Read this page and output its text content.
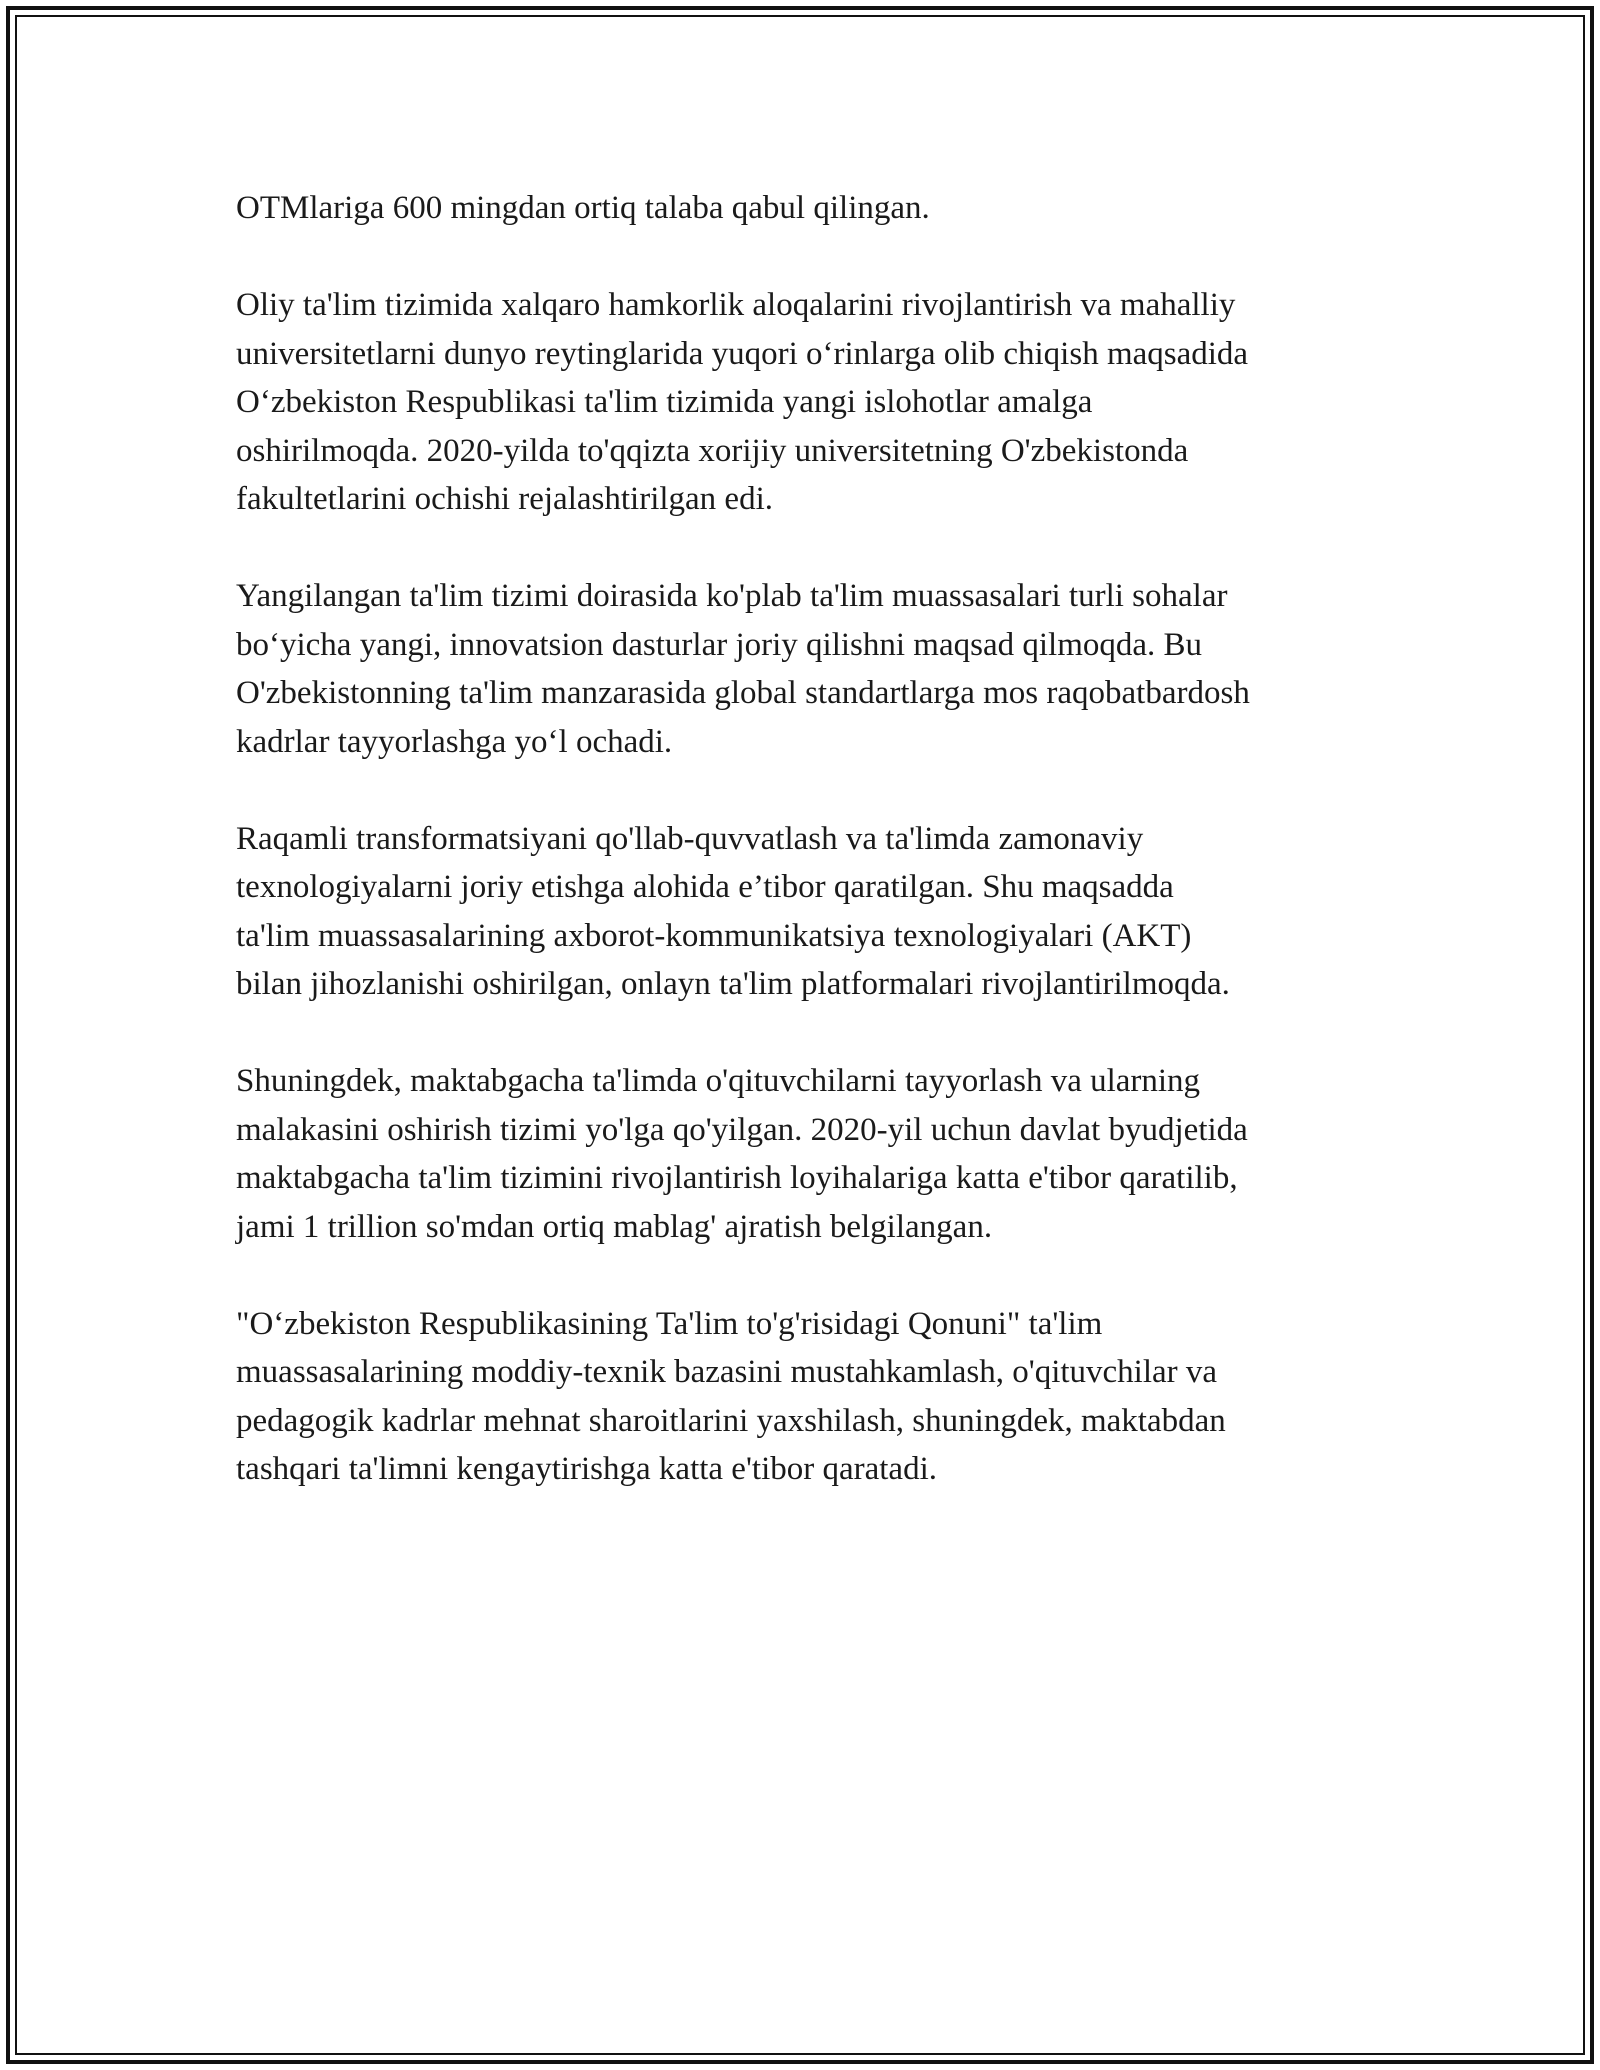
OTMlariga 600 mingdan ortiq talaba qabul qilingan.

Oliy ta'lim tizimida xalqaro hamkorlik aloqalarini rivojlantirish va mahalliy
universitetlarni dunyo reytinglarida yuqori o‘rinlarga olib chiqish maqsadida
O‘zbekiston Respublikasi ta'lim tizimida yangi islohotlar amalga
oshirilmoqda. 2020-yilda to'qqizta xorijiy universitetning O'zbekistonda
fakultetlarini ochishi rejalashtirilgan edi.

Yangilangan ta'lim tizimi doirasida ko'plab ta'lim muassasalari turli sohalar
bo‘yicha yangi, innovatsion dasturlar joriy qilishni maqsad qilmoqda. Bu
O'zbekistonning ta'lim manzarasida global standartlarga mos raqobatbardosh
kadrlar tayyorlashga yo‘l ochadi.

Raqamli transformatsiyani qo'llab-quvvatlash va ta'limda zamonaviy
texnologiyalarni joriy etishga alohida e’tibor qaratilgan. Shu maqsadda
ta'lim muassasalarining axborot-kommunikatsiya texnologiyalari (AKT)
bilan jihozlanishi oshirilgan, onlayn ta'lim platformalari rivojlantirilmoqda.

Shuningdek, maktabgacha ta'limda o'qituvchilarni tayyorlash va ularning
malakasini oshirish tizimi yo'lga qo'yilgan. 2020-yil uchun davlat byudjetida
maktabgacha ta'lim tizimini rivojlantirish loyihalariga katta e'tibor qaratilib,
jami 1 trillion so'mdan ortiq mablag' ajratish belgilangan.

"O‘zbekiston Respublikasining Ta'lim to'g'risidagi Qonuni" ta'lim
muassasalarining moddiy-texnik bazasini mustahkamlash, o'qituvchilar va
pedagogik kadrlar mehnat sharoitlarini yaxshilash, shuningdek, maktabdan
tashqari ta'limni kengaytirishga katta e'tibor qaratadi.
